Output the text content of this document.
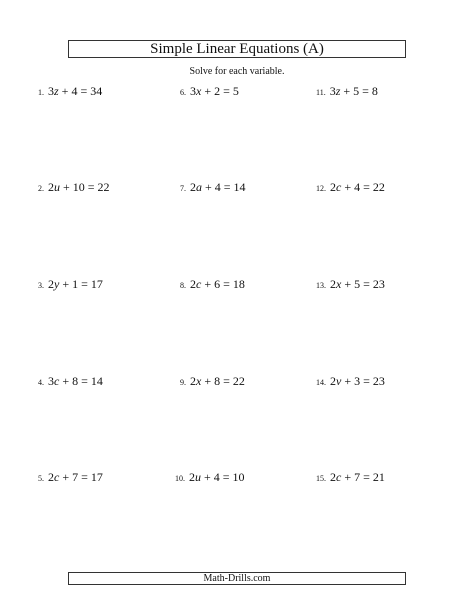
Simple Linear Equations (A)
Solve for each variable.
1. 3z + 4 = 34
2. 2u + 10 = 22
3. 2y + 1 = 17
4. 3c + 8 = 14
5. 2c + 7 = 17
6. 3x + 2 = 5
7. 2a + 4 = 14
8. 2c + 6 = 18
9. 2x + 8 = 22
10. 2u + 4 = 10
11. 3z + 5 = 8
12. 2c + 4 = 22
13. 2x + 5 = 23
14. 2v + 3 = 23
15. 2c + 7 = 21
Math-Drills.com
